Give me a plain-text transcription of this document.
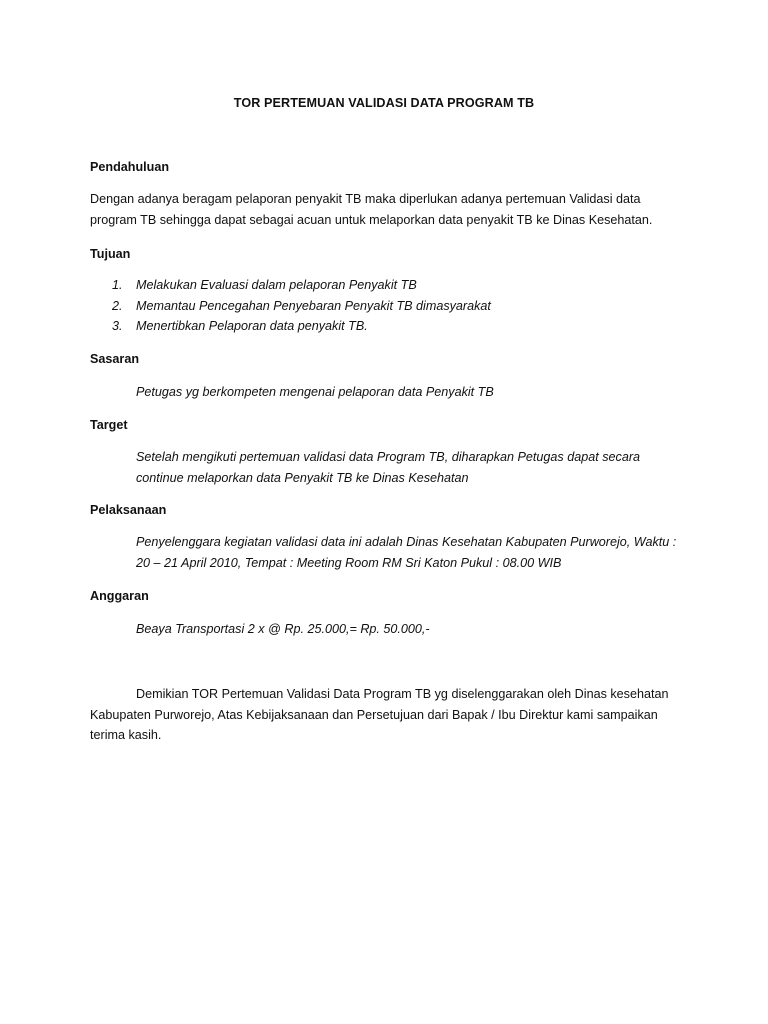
TOR PERTEMUAN VALIDASI DATA PROGRAM TB
Pendahuluan
Dengan adanya beragam pelaporan penyakit TB maka diperlukan adanya pertemuan Validasi data
program TB sehingga dapat sebagai acuan untuk melaporkan data penyakit TB ke Dinas Kesehatan.
Tujuan
1. Melakukan Evaluasi dalam pelaporan Penyakit TB
2. Memantau Pencegahan Penyebaran Penyakit TB dimasyarakat
3. Menertibkan Pelaporan data penyakit TB.
Sasaran
Petugas yg berkompeten mengenai pelaporan data Penyakit TB
Target
Setelah mengikuti pertemuan validasi data Program TB, diharapkan Petugas dapat secara
continue melaporkan data Penyakit TB ke Dinas Kesehatan
Pelaksanaan
Penyelenggara kegiatan validasi data ini adalah Dinas Kesehatan Kabupaten Purworejo, Waktu :
20 – 21 April 2010, Tempat : Meeting Room RM Sri Katon Pukul : 08.00 WIB
Anggaran
Beaya Transportasi 2 x @ Rp. 25.000,= Rp. 50.000,-
Demikian TOR Pertemuan Validasi Data Program TB yg diselenggarakan oleh Dinas kesehatan
Kabupaten Purworejo, Atas Kebijaksanaan dan Persetujuan dari Bapak / Ibu Direktur kami sampaikan
terima kasih.
